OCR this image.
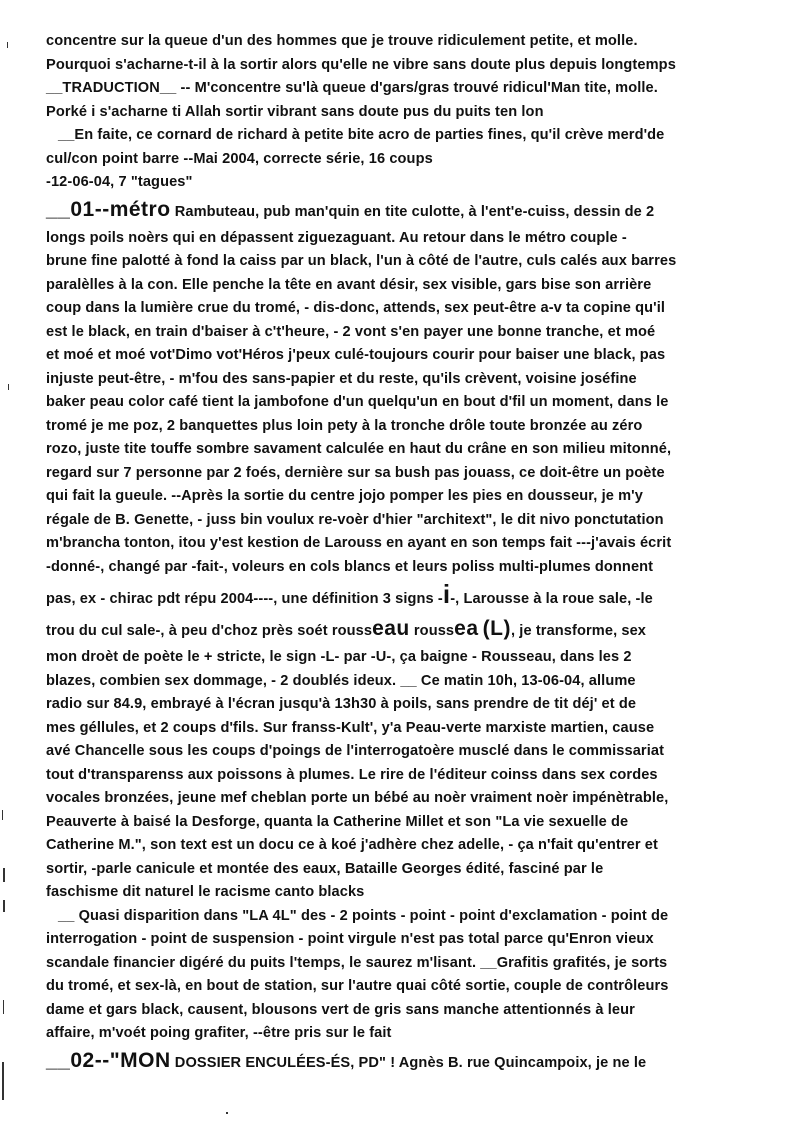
concentre sur la queue d'un des hommes que je trouve ridiculement petite, et molle.
Pourquoi s'acharne-t-il à la sortir alors qu'elle ne vibre sans doute plus depuis longtemps
__TRADUCTION__ -- M'concentre su'là queue d'gars/gras trouvé ridicul'Man tite, molle.
Porké i s'acharne ti Allah sortir vibrant sans doute pus du puits ten lon
__En faite, ce cornard de richard à petite bite acro de parties fines, qu'il crève merd'de
cul/con point barre --Mai 2004, correcte série, 16 coups
-12-06-04, 7 "tagues"
__01--métro Rambuteau, pub man'quin en tite culotte, à l'ent'e-cuiss, dessin de 2
longs poils noèrs qui en dépassent ziguezaguant. Au retour dans le métro couple -
brune fine palotté à fond la caiss par un black, l'un à côté de l'autre, culs calés aux barres
paralèlles à la con. Elle penche la tête en avant désir, sex visible, gars bise son arrière
coup dans la lumière crue du tromé, - dis-donc, attends, sex peut-être a-v ta copine qu'il
est le black, en train d'baiser à c't'heure, - 2 vont s'en payer une bonne tranche, et moé
et moé et moé vot'Dimo vot'Héros j'peux culé-toujours courir pour baiser une black, pas
injuste peut-être, - m'fou des sans-papier et du reste, qu'ils crèvent, voisine joséfine
baker peau color café tient la jambofone d'un quelqu'un en bout d'fil un moment, dans le
tromé je me poz, 2 banquettes plus loin pety à la tronche drôle toute bronzée au zéro
rozo, juste tite touffe sombre savament calculée en haut du crâne en son milieu mitonné,
regard sur 7 personne par 2 foés, dernière sur sa bush pas jouass, ce doit-être un poète
qui fait la gueule. --Après la sortie du centre jojo pomper les pies en dousseur, je m'y
régale de B. Genette, - juss bin voulux re-voèr d'hier "architext", le dit nivo ponctutation
m'brancha tonton, itou y'est kestion de Larouss en ayant en son temps fait ---j'avais écrit
-donné-, changé par -fait-, voleurs en cols blancs et leurs poliss multi-plumes donnent
pas, ex - chirac pdt répu 2004----, une définition 3 signs -i-, Larousse à la roue sale, -le
trou du cul sale-, à peu d'choz près soét rousseau roussea (L), je transforme, sex
mon droèt de poète le + stricte, le sign -L- par -U-, ça baigne - Rousseau, dans les 2
blazes, combien sex dommage, - 2 doublés ideux. __ Ce matin 10h, 13-06-04, allume
radio sur 84.9, embrayé à l'écran jusqu'à 13h30 à poils, sans prendre de tit déj' et de
mes géllules, et 2 coups d'fils. Sur franss-Kult', y'a Peau-verte marxiste martien, cause
avé Chancelle sous les coups d'poings de l'interrogatoère musclé dans le commissariat
tout d'transparenss aux poissons à plumes. Le rire de l'éditeur coinss dans sex cordes
vocales bronzées, jeune mef cheblan porte un bébé au noèr vraiment noèr impénètrable,
Peauverte à baisé la Desforge, quanta la Catherine Millet et son "La vie sexuelle de
Catherine M.", son text est un docu ce à koé j'adhère chez adelle, - ça n'fait qu'entrer et
sortir, -parle canicule et montée des eaux, Bataille Georges édité, fasciné par le
faschisme dit naturel le racisme canto blacks
__ Quasi disparition dans "LA 4L" des - 2 points - point - point d'exclamation - point de
interrogation - point de suspension - point virgule n'est pas total parce qu'Enron vieux
scandale financier digéré du puits l'temps, le saurez m'lisant. __Grafitis grafités, je sorts
du tromé, et sex-là, en bout de station, sur l'autre quai côté sortie, couple de contrôleurs
dame et gars black, causent, blousons vert de gris sans manche attentionnés à leur
affaire, m'voét poing grafiter, --être pris sur le fait
__02--"MON DOSSIER ENCULÉES-ÉS, PD" ! Agnès B. rue Quincampoix, je ne le
